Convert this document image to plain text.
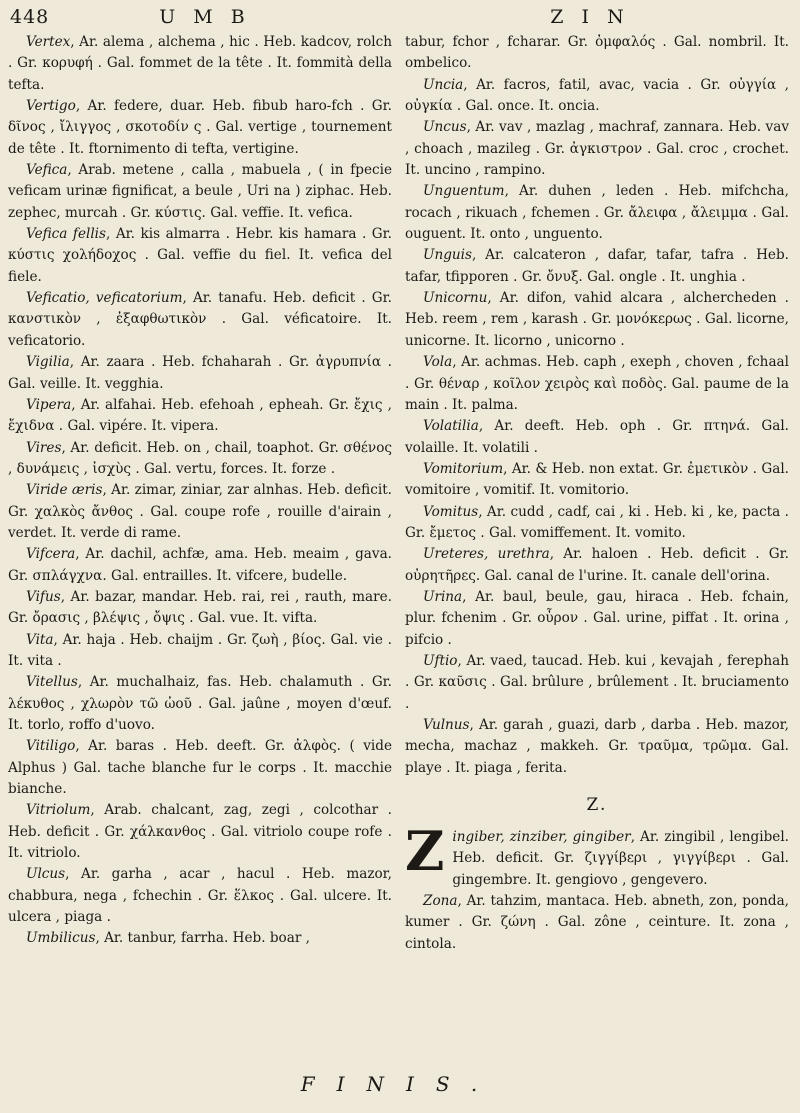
448	U M B	Z I N

Vertex, Ar. alema , alchema , hic . Heb. kadcov, rolch . Gr. κορυφή . Gal. fommet de la tête . It. fommità della tefta.

Vertigo, Ar. federe, duar. Heb. fibub haro-fch . Gr. δῖνος , ἴλιγγος , σκοτοδίν ς . Gal. vertige , tournement de tête . It. ftornimento di tefta, vertigine.

Vefica, Arab. metene , calla , mabuela , ( in fpecie veficam urinæ fignificat, a beule , Uri na ) ziphac. Heb. zephec, murcah . Gr. κύστις. Gal. veffie. It. vefica.

Vefica fellis, Ar. kis almarra . Hebr. kis hamara . Gr. κύστις χολήδοχος . Gal. veffie du fiel. It. vefica del fiele.

Veficatio, veficatorium, Ar. tanafu. Heb. deficit . Gr. κανστικὸν , ἐξαφθωτικὸν . Gal. véficatoire. It. veficatorio.

Vigilia, Ar. zaara . Heb. fchaharah . Gr. ἀγρυπνία . Gal. veille. It. vegghia.

Vipera, Ar. alfahai. Heb. efehoah , epheah. Gr. ἔχις , ἔχιδνα . Gal. vipére. It. vipera.

Vires, Ar. deficit. Heb. on , chail, toaphot. Gr. σθένος , δυνάμεις , ἰσχὺς . Gal. vertu, forces. It. forze .

Viride æris, Ar. zimar, ziniar, zar alnhas. Heb. deficit. Gr. χαλκὸς ἄνθος . Gal. coupe rofe , rouille d'airain , verdet. It. verde di rame.

Vifcera, Ar. dachil, achfæ, ama. Heb. meaim , gava. Gr. σπλάγχνα. Gal. entrailles. It. vifcere, budelle.

Vifus, Ar. bazar, mandar. Heb. rai, rei , rauth, mare. Gr. ὄρασις , βλέψις , ὄψις . Gal. vue. It. vifta.

Vita, Ar. haja . Heb. chaijm . Gr. ζωὴ , βίος. Gal. vie . It. vita .

Vitellus, Ar. muchalhaiz, fas. Heb. chalamuth . Gr. λέκυθος , χλωρὸν τῶ ὠοῦ . Gal. jaûne , moyen d'œuf. It. torlo, roffo d'uovo.

Vitiligo, Ar. baras . Heb. deeft. Gr. ἀλφὸς. ( vide Alphus ) Gal. tache blanche fur le corps . It. macchie bianche.

Vitriolum, Arab. chalcant, zag, zegi , colcothar . Heb. deficit . Gr. χάλκανθος . Gal. vitriolo coupe rofe . It. vitriolo.

Ulcus, Ar. garha , acar , hacul . Heb. mazor, chabbura, nega , fchechin . Gr. ἕλκος . Gal. ulcere. It. ulcera , piaga .

Umbilicus, Ar. tanbur, farrha. Heb. boar ,

tabur, fchor , fcharar. Gr. ὀμφαλός . Gal. nombril. It. ombelico.

Uncia, Ar. facros, fatil, avac, vacia . Gr. οὐγγία , οὐγκία . Gal. once. It. oncia.

Uncus, Ar. vav , mazlag , machraf, zannara. Heb. vav , choach , mazileg . Gr. ἀγκιστρον . Gal. croc , crochet. It. uncino , rampino.

Unguentum, Ar. duhen , leden . Heb. mifchcha, rocach , rikuach , fchemen . Gr. ἄλειφα , ἄλειμμα . Gal. ouguent. It. onto , unguento.

Unguis, Ar. calcateron , dafar, tafar, tafra . Heb. tafar, tfipporen . Gr. ὄνυξ. Gal. ongle . It. unghia .

Unicornu, Ar. difon, vahid alcara , alchercheden . Heb. reem , rem , karash . Gr. μονόκερως . Gal. licorne, unicorne. It. licorno , unicorno .

Vola, Ar. achmas. Heb. caph , exeph , choven , fchaal . Gr. θέναρ , κοῖλον χειρὸς καὶ ποδὸς. Gal. paume de la main . It. palma.

Volatilia, Ar. deeft. Heb. oph . Gr. πτηνά. Gal. volaille. It. volatili .

Vomitorium, Ar. & Heb. non extat. Gr. ἐμετικὸν . Gal. vomitoire , vomitif. It. vomitorio.

Vomitus, Ar. cudd , cadf, cai , ki . Heb. ki , ke, pacta . Gr. ἔμετος . Gal. vomiffement. It. vomito.

Ureteres, urethra, Ar. haloen . Heb. deficit . Gr. οὐρητῆρες. Gal. canal de l'urine. It. canale dell'orina.

Urina, Ar. baul, beule, gau, hiraca . Heb. fchain, plur. fchenim . Gr. οὖρον . Gal. urine, piffat . It. orina , pifcio .

Uftio, Ar. vaed, taucad. Heb. kui , kevajah , ferephah . Gr. καῦσις . Gal. brûlure , brûlement . It. bruciamento .

Vulnus, Ar. garah , guazi, darb , darba . Heb. mazor, mecha, machaz , makkeh. Gr. τραῦμα, τρῶμα. Gal. playe . It. piaga , ferita.

Z.
Z ingiber, zinziber, gingiber, Ar. zingibil , lengibel. Heb. deficit. Gr. ζιγγίβερι , γιγγίβερι . Gal. gingembre. It. gengiovo , gengevero.

Zona, Ar. tahzim, mantaca. Heb. abneth, zon, ponda, kumer . Gr. ζώνη . Gal. zône , ceinture. It. zona , cintola.

FINIS.
